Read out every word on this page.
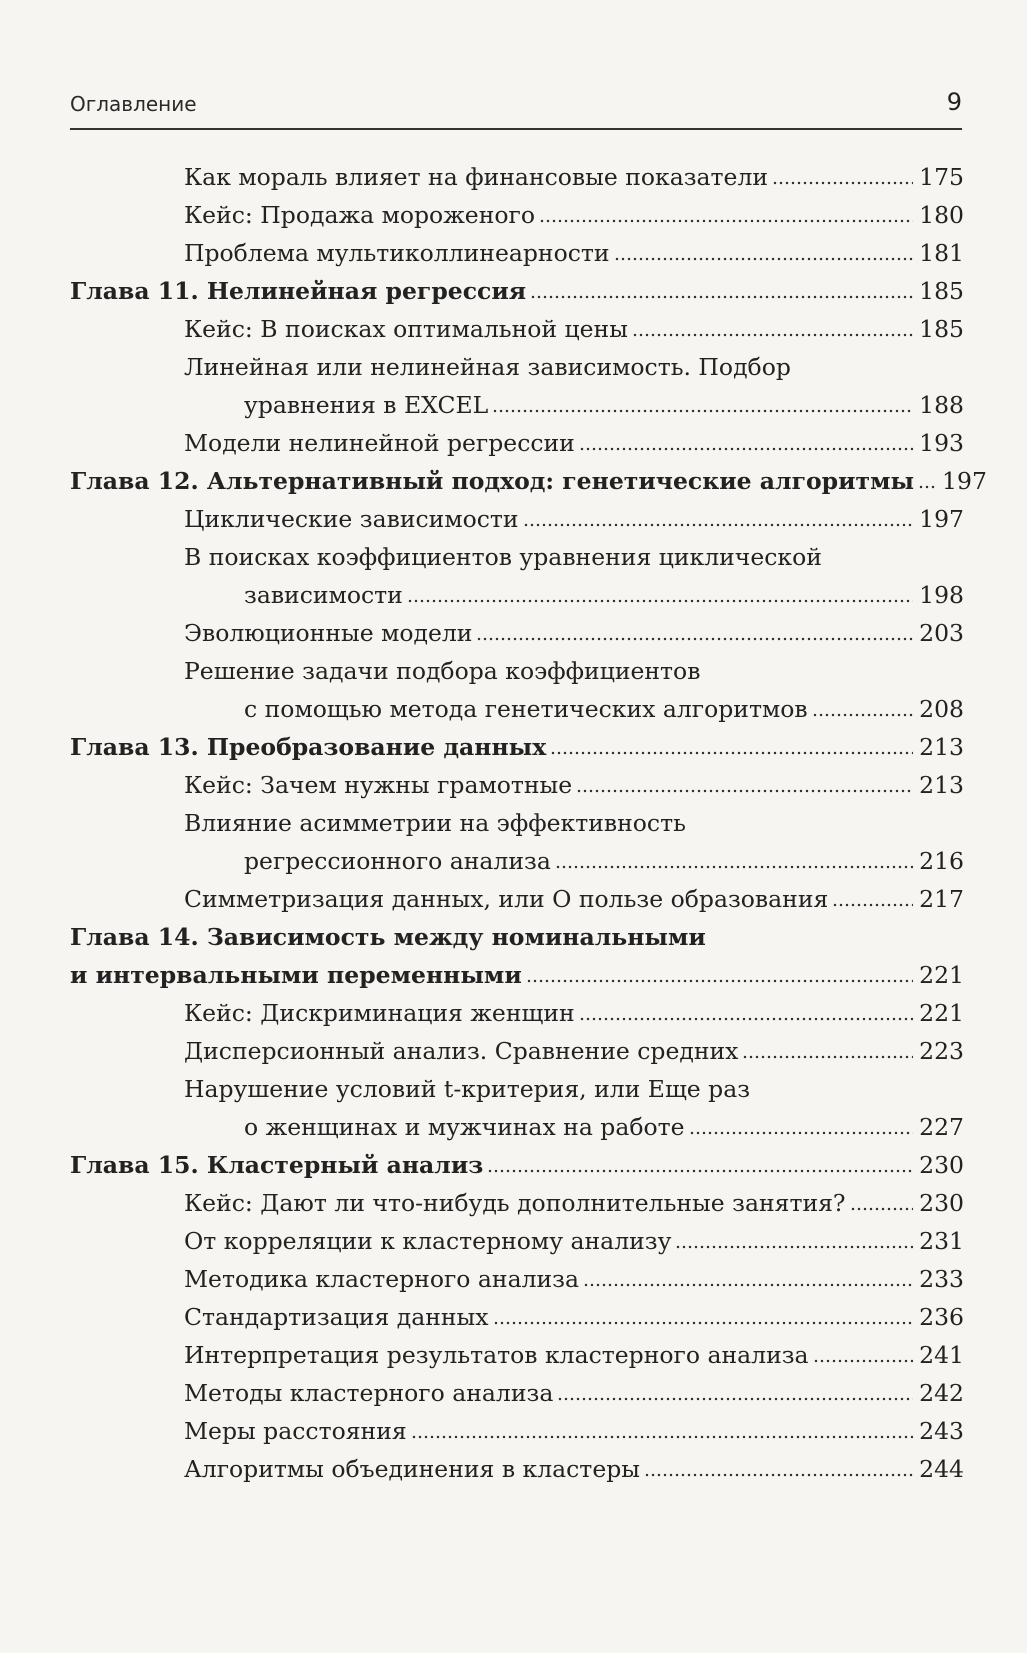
Оглавление	9
Как мораль влияет на финансовые показатели	175
Кейс: Продажа мороженого	180
Проблема мультиколлинеарности	181
Глава 11. Нелинейная регрессия	185
Кейс: В поисках оптимальной цены	185
Линейная или нелинейная зависимость. Подбор
уравнения в EXCEL	188
Модели нелинейной регрессии	193
Глава 12. Альтернативный подход: генетические алгоритмы 197
Циклические зависимости	197
В поисках коэффициентов уравнения циклической
зависимости	198
Эволюционные модели	203
Решение задачи подбора коэффициентов
с помощью метода генетических алгоритмов	208
Глава 13. Преобразование данных	213
Кейс: Зачем нужны грамотные	213
Влияние асимметрии на эффективность
регрессионного анализа	216
Симметризация данных, или О пользе образования	217
Глава 14. Зависимость между номинальными
и интервальными переменными	221
Кейс: Дискриминация женщин	221
Дисперсионный анализ. Сравнение средних	223
Нарушение условий t-критерия, или Еще раз
о женщинах и мужчинах на работе	227
Глава 15. Кластерный анализ	230
Кейс: Дают ли что-нибудь дополнительные занятия?	230
От корреляции к кластерному анализу	231
Методика кластерного анализа	233
Стандартизация данных	236
Интерпретация результатов кластерного анализа	241
Методы кластерного анализа	242
Меры расстояния	243
Алгоритмы объединения в кластеры	244
